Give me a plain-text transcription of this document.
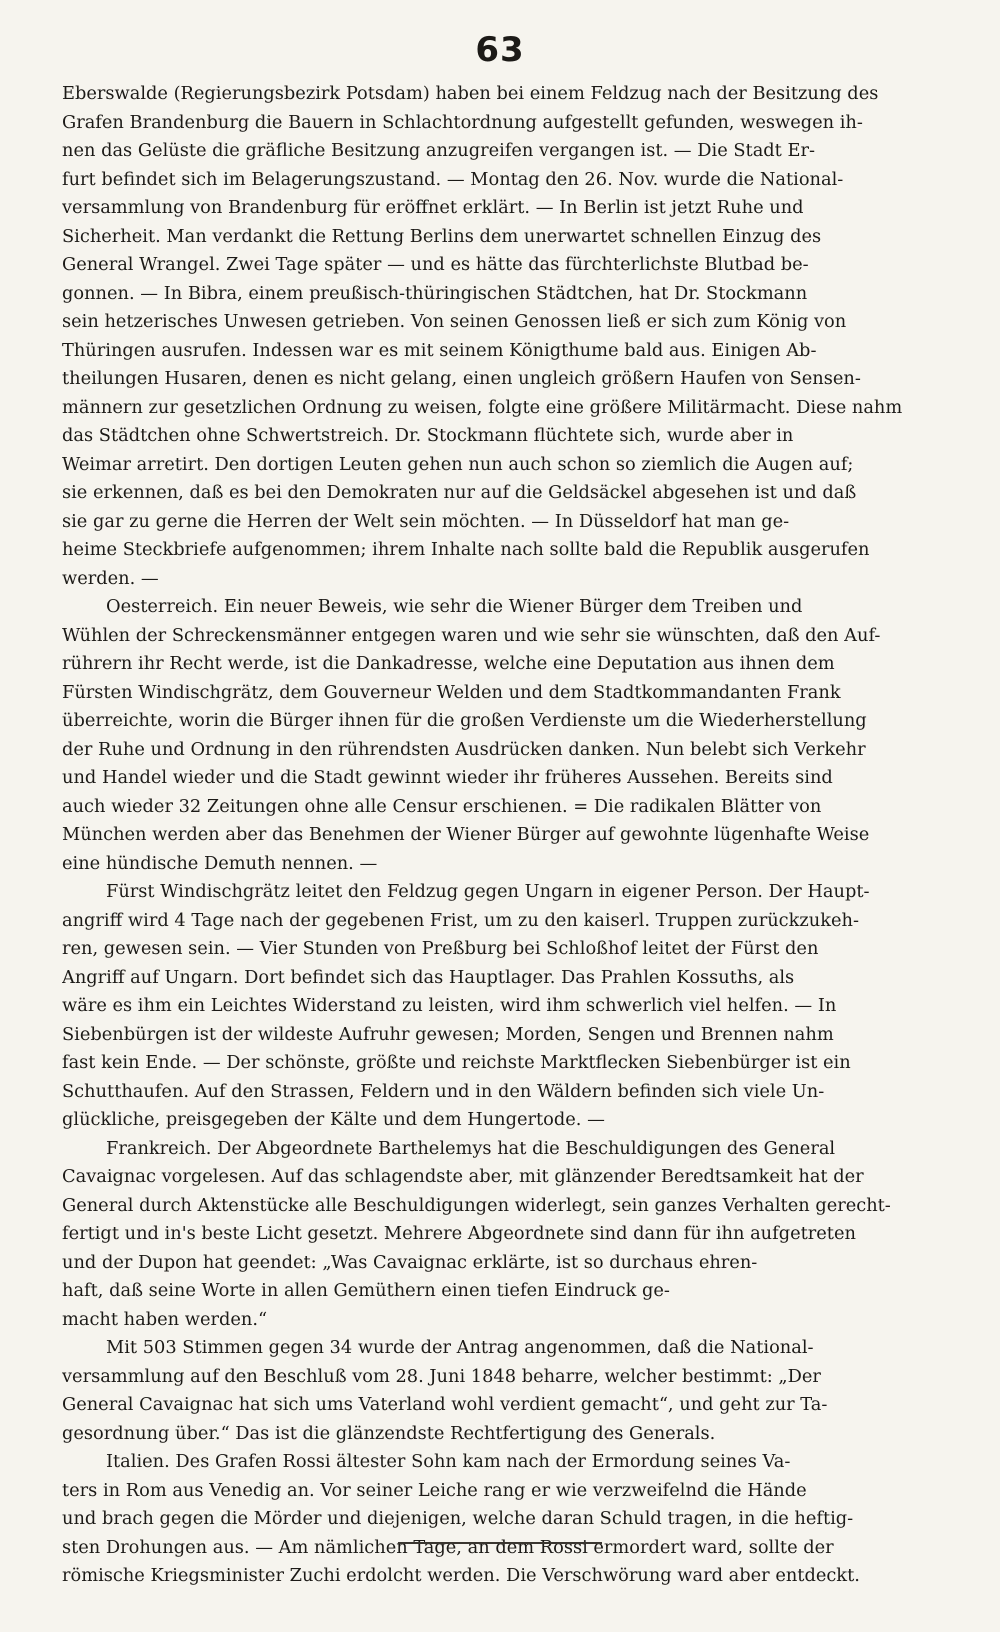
63
Eberswalde (Regierungsbezirk Potsdam) haben bei einem Feldzug nach der Besitzung des
Grafen Brandenburg die Bauern in Schlachtordnung aufgestellt gefunden, weswegen ih-
nen das Gelüste die gräfliche Besitzung anzugreifen vergangen ist. — Die Stadt Er-
furt befindet sich im Belagerungszustand. — Montag den 26. Nov. wurde die National-
versammlung von Brandenburg für eröffnet erklärt. — In Berlin ist jetzt Ruhe und
Sicherheit. Man verdankt die Rettung Berlins dem unerwartet schnellen Einzug des
General Wrangel. Zwei Tage später — und es hätte das fürchterlichste Blutbad be-
gonnen. — In Bibra, einem preußisch-thüringischen Städtchen, hat Dr. Stockmann
sein hetzerisches Unwesen getrieben. Von seinen Genossen ließ er sich zum König von
Thüringen ausrufen. Indessen war es mit seinem Königthume bald aus. Einigen Ab-
theilungen Husaren, denen es nicht gelang, einen ungleich größern Haufen von Sensen-
männern zur gesetzlichen Ordnung zu weisen, folgte eine größere Militärmacht. Diese nahm
das Städtchen ohne Schwertstreich. Dr. Stockmann flüchtete sich, wurde aber in
Weimar arretirt. Den dortigen Leuten gehen nun auch schon so ziemlich die Augen auf;
sie erkennen, daß es bei den Demokraten nur auf die Geldsäckel abgesehen ist und daß
sie gar zu gerne die Herren der Welt sein möchten. — In Düsseldorf hat man ge-
heime Steckbriefe aufgenommen; ihrem Inhalte nach sollte bald die Republik ausgerufen
werden. —
Oesterreich. Ein neuer Beweis, wie sehr die Wiener Bürger dem Treiben und
Wühlen der Schreckensmänner entgegen waren und wie sehr sie wünschten, daß den Auf-
rührern ihr Recht werde, ist die Dankadresse, welche eine Deputation aus ihnen dem
Fürsten Windischgrätz, dem Gouverneur Welden und dem Stadtkommandanten Frank
überreichte, worin die Bürger ihnen für die großen Verdienste um die Wiederherstellung
der Ruhe und Ordnung in den rührendsten Ausdrücken danken. Nun belebt sich Verkehr
und Handel wieder und die Stadt gewinnt wieder ihr früheres Aussehen. Bereits sind
auch wieder 32 Zeitungen ohne alle Censur erschienen. = Die radikalen Blätter von
München werden aber das Benehmen der Wiener Bürger auf gewohnte lügenhafte Weise
eine hündische Demuth nennen. —
Fürst Windischgrätz leitet den Feldzug gegen Ungarn in eigener Person. Der Haupt-
angriff wird 4 Tage nach der gegebenen Frist, um zu den kaiserl. Truppen zurückzukeh-
ren, gewesen sein. — Vier Stunden von Preßburg bei Schloßhof leitet der Fürst den
Angriff auf Ungarn. Dort befindet sich das Hauptlager. Das Prahlen Kossuths, als
wäre es ihm ein Leichtes Widerstand zu leisten, wird ihm schwerlich viel helfen. — In
Siebenbürgen ist der wildeste Aufruhr gewesen; Morden, Sengen und Brennen nahm
fast kein Ende. — Der schönste, größte und reichste Marktflecken Siebenbürger ist ein
Schutthaufen. Auf den Strassen, Feldern und in den Wäldern befinden sich viele Un-
glückliche, preisgegeben der Kälte und dem Hungertode. —
Frankreich. Der Abgeordnete Barthelemys hat die Beschuldigungen des General
Cavaignac vorgelesen. Auf das schlagendste aber, mit glänzender Beredtsamkeit hat der
General durch Aktenstücke alle Beschuldigungen widerlegt, sein ganzes Verhalten gerecht-
fertigt und in's beste Licht gesetzt. Mehrere Abgeordnete sind dann für ihn aufgetreten
und der Dupon hat geendet: „Was Cavaignac erklärte, ist so durchaus ehren-
haft, daß seine Worte in allen Gemüthern einen tiefen Eindruck ge-
macht haben werden.“
Mit 503 Stimmen gegen 34 wurde der Antrag angenommen, daß die National-
versammlung auf den Beschluß vom 28. Juni 1848 beharre, welcher bestimmt: „Der
General Cavaignac hat sich ums Vaterland wohl verdient gemacht“, und geht zur Ta-
gesordnung über.“ Das ist die glänzendste Rechtfertigung des Generals.
Italien. Des Grafen Rossi ältester Sohn kam nach der Ermordung seines Va-
ters in Rom aus Venedig an. Vor seiner Leiche rang er wie verzweifelnd die Hände
und brach gegen die Mörder und diejenigen, welche daran Schuld tragen, in die heftig-
sten Drohungen aus. — Am nämlichen Tage, an dem Rossi ermordert ward, sollte der
römische Kriegsminister Zuchi erdolcht werden. Die Verschwörung ward aber entdeckt.
